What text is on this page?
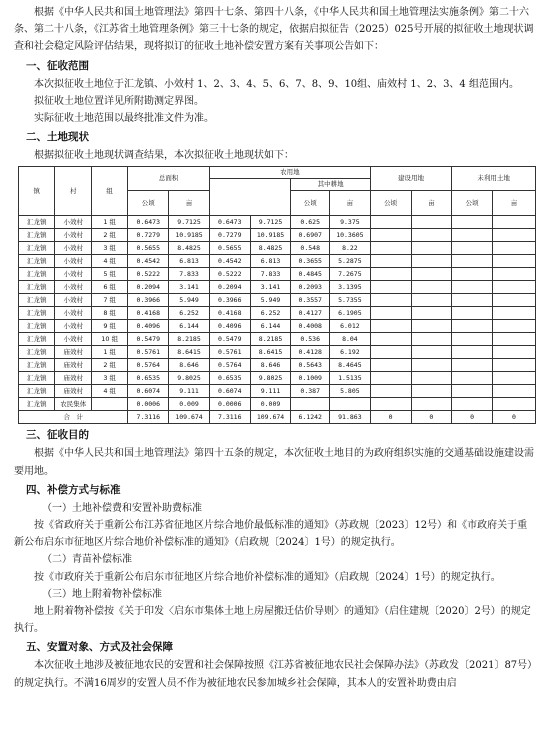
根据《中华人民共和国土地管理法》第四十七条、第四十八条，《中华人民共和国土地管理法实施条例》第二十六条、第二十八条，《江苏省土地管理条例》第三十七条的规定，依据启拟征告（2025）025号开展的拟征收土地现状调查和社会稳定风险评估结果，现将拟订的征收土地补偿安置方案有关事项公告如下：

一、征收范围

本次拟征收土地位于汇龙镇、小效村 1、2、3、4、5、6、7、8、9、10组、庙效村 1、2、3、4 组范围内。

拟征收土地位置详见所附勘测定界图。

实际征收土地范围以最终批准文件为准。

二、土地现状

根据拟征收土地现状调查结果，本次拟征收土地现状如下：

镇	村	组	总面积		农用地				建设用地		未利用土地	
							其中耕地					
			公顷	亩			公顷	亩	公顷	亩	公顷	亩
汇龙镇	小效村	1 组	0.6473	9.7125	0.6473	9.7125	0.625	9.375				
汇龙镇	小效村	2 组	0.7279	10.9185	0.7279	10.9185	0.6907	10.3605				
汇龙镇	小效村	3 组	0.5655	8.4825	0.5655	8.4825	0.548	8.22				
汇龙镇	小效村	4 组	0.4542	6.813	0.4542	6.813	0.3655	5.2875				
汇龙镇	小效村	5 组	0.5222	7.833	0.5222	7.833	0.4845	7.2675				
汇龙镇	小效村	6 组	0.2094	3.141	0.2094	3.141	0.2093	3.1395				
汇龙镇	小效村	7 组	0.3966	5.949	0.3966	5.949	0.3557	5.7355				
汇龙镇	小效村	8 组	0.4168	6.252	0.4168	6.252	0.4127	6.1905				
汇龙镇	小效村	9 组	0.4096	6.144	0.4096	6.144	0.4008	6.012				
汇龙镇	小效村	10 组	0.5479	8.2185	0.5479	8.2185	0.536	8.04				
汇龙镇	庙效村	1 组	0.5761	8.6415	0.5761	8.6415	0.4128	6.192				
汇龙镇	庙效村	2 组	0.5764	8.646	0.5764	8.646	0.5643	8.4645				
汇龙镇	庙效村	3 组	0.6535	9.8025	0.6535	9.8025	0.1009	1.5135				
汇龙镇	庙效村	4 组	0.6074	9.111	0.6074	9.111	0.387	5.805				
汇龙镇	农民集体		0.0006	0.009	0.0006	0.009						
合　计			7.3116	109.674	7.3116	109.674	6.1242	91.863	0	0	0	0

三、征收目的

根据《中华人民共和国土地管理法》第四十五条的规定，本次征收土地目的为政府组织实施的交通基础设施建设需要用地。

四、补偿方式与标准

（一）土地补偿费和安置补助费标准

按《省政府关于重新公布江苏省征地区片综合地价最低标准的通知》（苏政规〔2023〕12号）和《市政府关于重新公布启东市征地区片综合地价补偿标准的通知》（启政规〔2024〕1号）的规定执行。

（二）青苗补偿标准

按《市政府关于重新公布启东市征地区片综合地价补偿标准的通知》（启政规〔2024〕1号）的规定执行。

（三）地上附着物补偿标准

地上附着物补偿按《关于印发〈启东市集体土地上房屋搬迁估价导则〉的通知》（启住建规〔2020〕2号）的规定执行。

五、安置对象、方式及社会保障

本次征收土地涉及被征地农民的安置和社会保障按照《江苏省被征地农民社会保障办法》（苏政发〔2021〕87号）的规定执行。不满16周岁的安置人员不作为被征地农民参加城乡社会保障，其本人的安置补助费由启
